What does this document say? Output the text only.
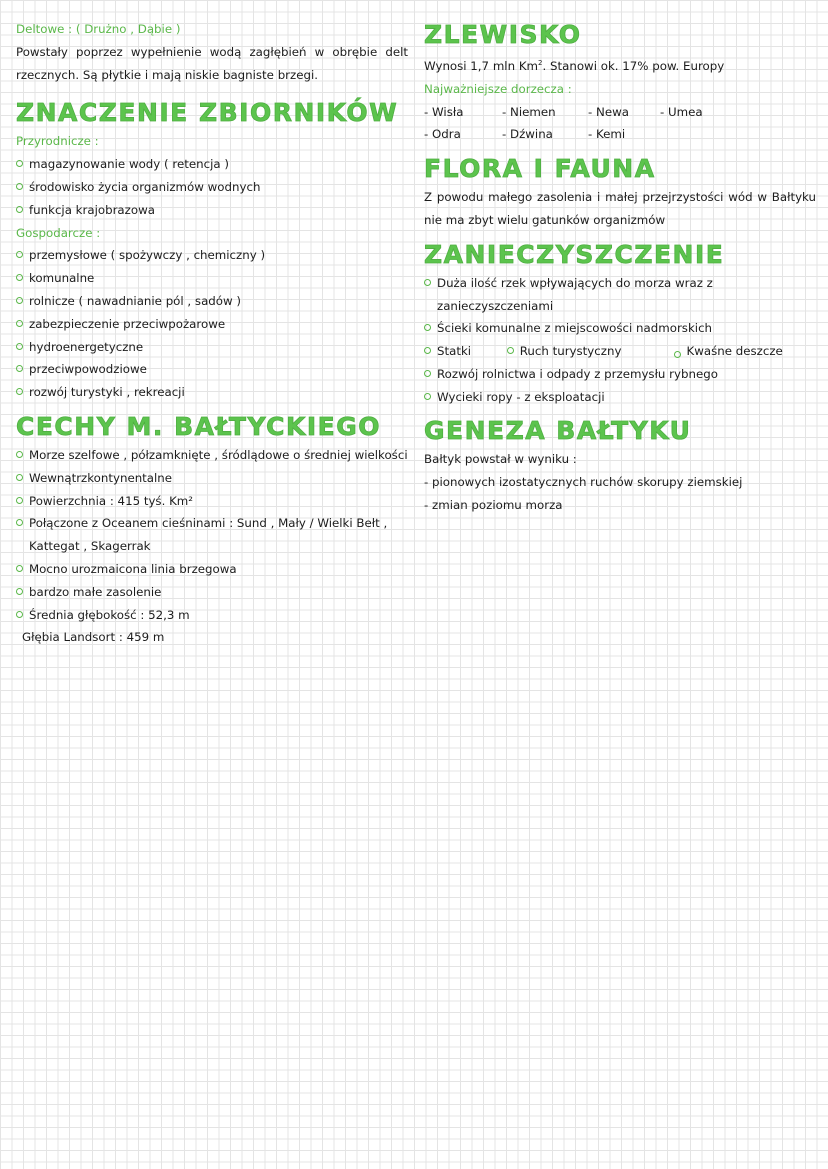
Deltowe : ( Drużno , Dąbie )

Powstały poprzez wypełnienie wodą zagłębień w obrębie delt rzecznych. Są płytkie i mają niskie bagniste brzegi.

ZNACZENIE ZBIORNIKÓW

Przyrodnicze :

magazynowanie wody ( retencja )
środowisko życia organizmów wodnych
funkcja krajobrazowa

Gospodarcze :

przemysłowe ( spożywczy , chemiczny )
komunalne
rolnicze ( nawadnianie pól , sadów )
zabezpieczenie przeciwpożarowe
hydroenergetyczne
przeciwpowodziowe
rozwój turystyki , rekreacji
CECHY M. BAŁTYCKIEGO
Morze szelfowe , półzamknięte , śródlądowe o średniej wielkości
Wewnątrzkontynentalne
Powierzchnia : 415 tyś. Km²
Połączone z Oceanem cieśninami : Sund , Mały / Wielki Bełt , Kattegat , Skagerrak
Mocno urozmaicona linia brzegowa
bardzo małe zasolenie
Średnia głębokość : 52,3 m

Głębia Landsort : 459 m

ZLEWISKO

Wynosi 1,7 mln Km$^2$. Stanowi ok. 17% pow. Europy

Najważniejsze dorzecza :

- Wisła	- Niemen	- Newa	- Umea
- Odra	- Dźwina	- Kemi
FLORA I FAUNA

Z powodu małego zasolenia i małej przejrzystości wód w Bałtyku nie ma zbyt wielu gatunków organizmów

ZANIECZYSZCZENIE
Duża ilość rzek wpływających do morza wraz z zanieczyszczeniami
Ścieki komunalne z miejscowości nadmorskich
Statki	Ruch turystyczny	Kwaśne deszcze
Rozwój rolnictwa i odpady z przemysłu rybnego
Wycieki ropy - z eksploatacji
GENEZA BAŁTYKU

Bałtyk powstał w wyniku :

- pionowych izostatycznych ruchów skorupy ziemskiej
- zmian poziomu morza
